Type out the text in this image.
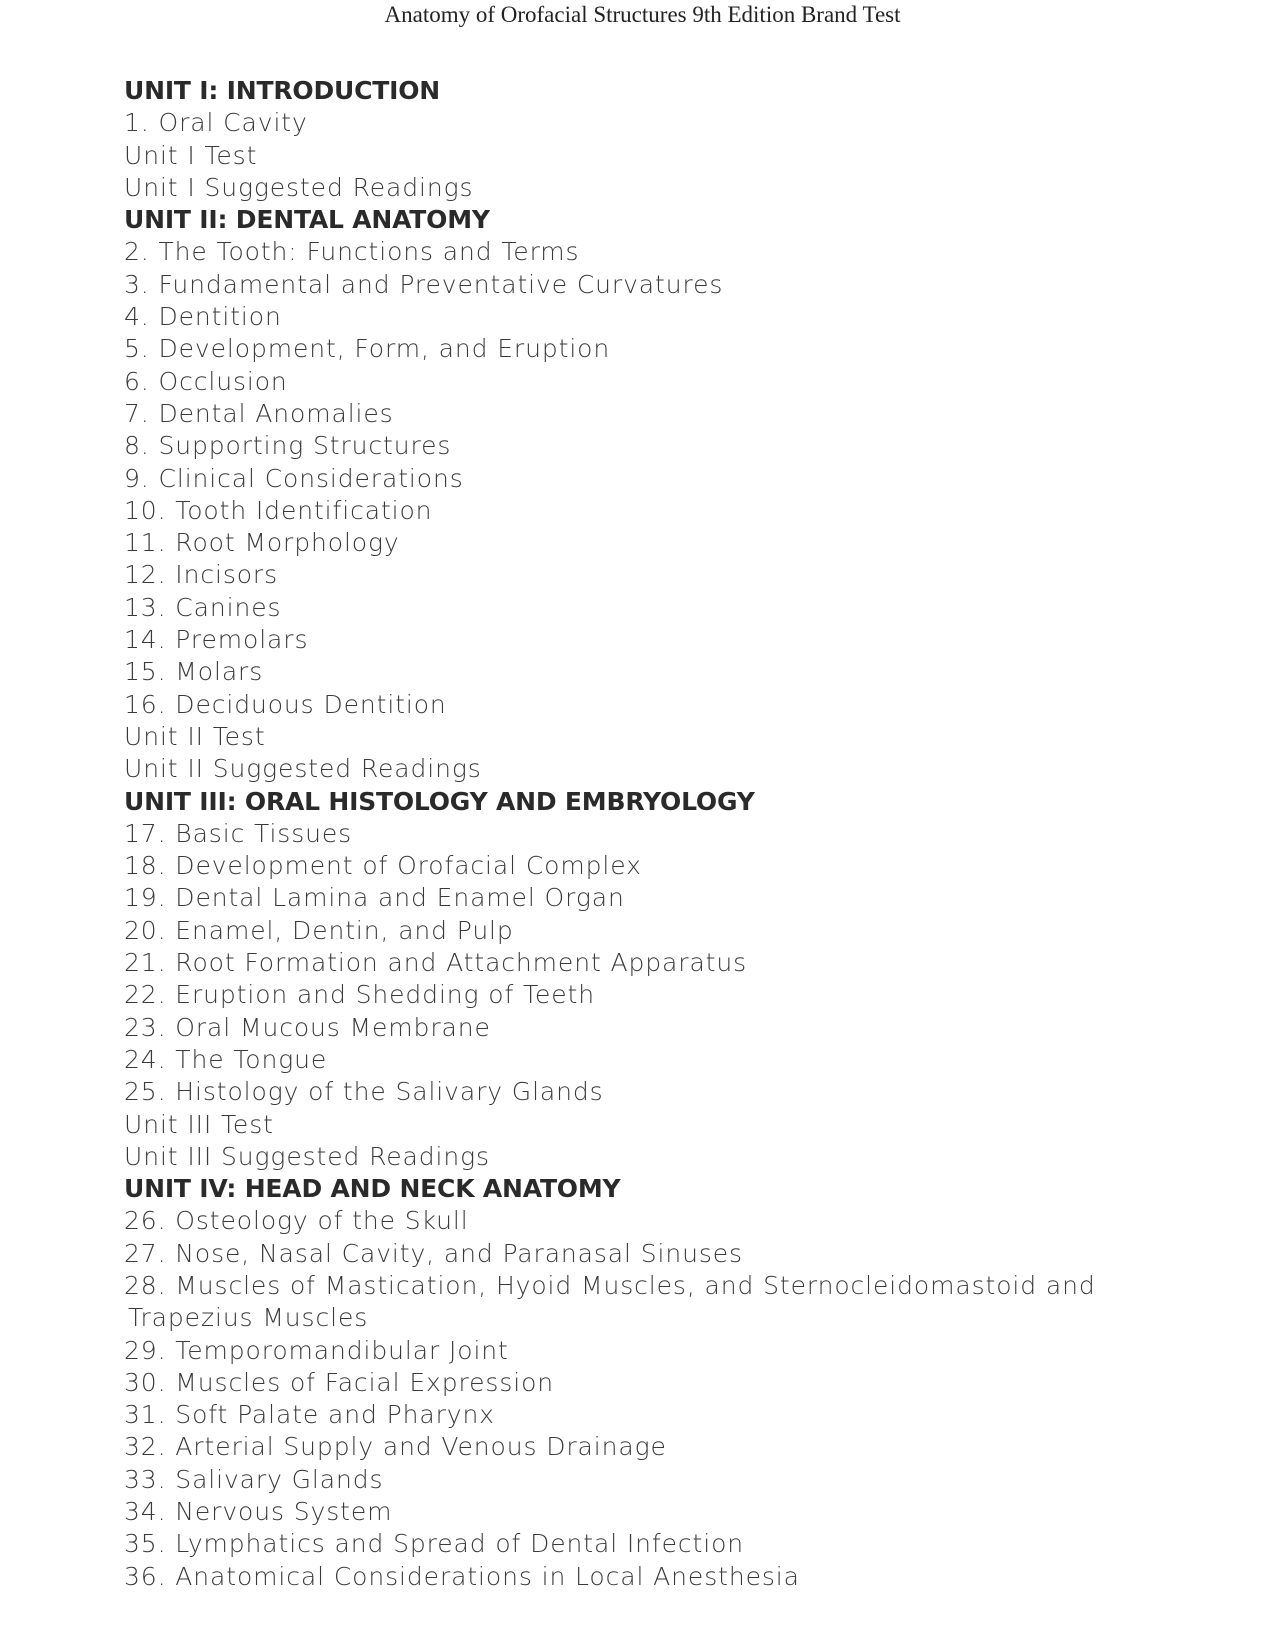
Anatomy of Orofacial Structures 9th Edition Brand Test
UNIT I: INTRODUCTION
1. Oral Cavity
Unit I Test
Unit I Suggested Readings
UNIT II: DENTAL ANATOMY
2. The Tooth: Functions and Terms
3. Fundamental and Preventative Curvatures
4. Dentition
5. Development, Form, and Eruption
6. Occlusion
7. Dental Anomalies
8. Supporting Structures
9. Clinical Considerations
10. Tooth Identification
11. Root Morphology
12. Incisors
13. Canines
14. Premolars
15. Molars
16. Deciduous Dentition
Unit II Test
Unit II Suggested Readings
UNIT III: ORAL HISTOLOGY AND EMBRYOLOGY
17. Basic Tissues
18. Development of Orofacial Complex
19. Dental Lamina and Enamel Organ
20. Enamel, Dentin, and Pulp
21. Root Formation and Attachment Apparatus
22. Eruption and Shedding of Teeth
23. Oral Mucous Membrane
24. The Tongue
25. Histology of the Salivary Glands
Unit III Test
Unit III Suggested Readings
UNIT IV: HEAD AND NECK ANATOMY
26. Osteology of the Skull
27. Nose, Nasal Cavity, and Paranasal Sinuses
28. Muscles of Mastication, Hyoid Muscles, and Sternocleidomastoid and
Trapezius Muscles
29. Temporomandibular Joint
30. Muscles of Facial Expression
31. Soft Palate and Pharynx
32. Arterial Supply and Venous Drainage
33. Salivary Glands
34. Nervous System
35. Lymphatics and Spread of Dental Infection
36. Anatomical Considerations in Local Anesthesia
